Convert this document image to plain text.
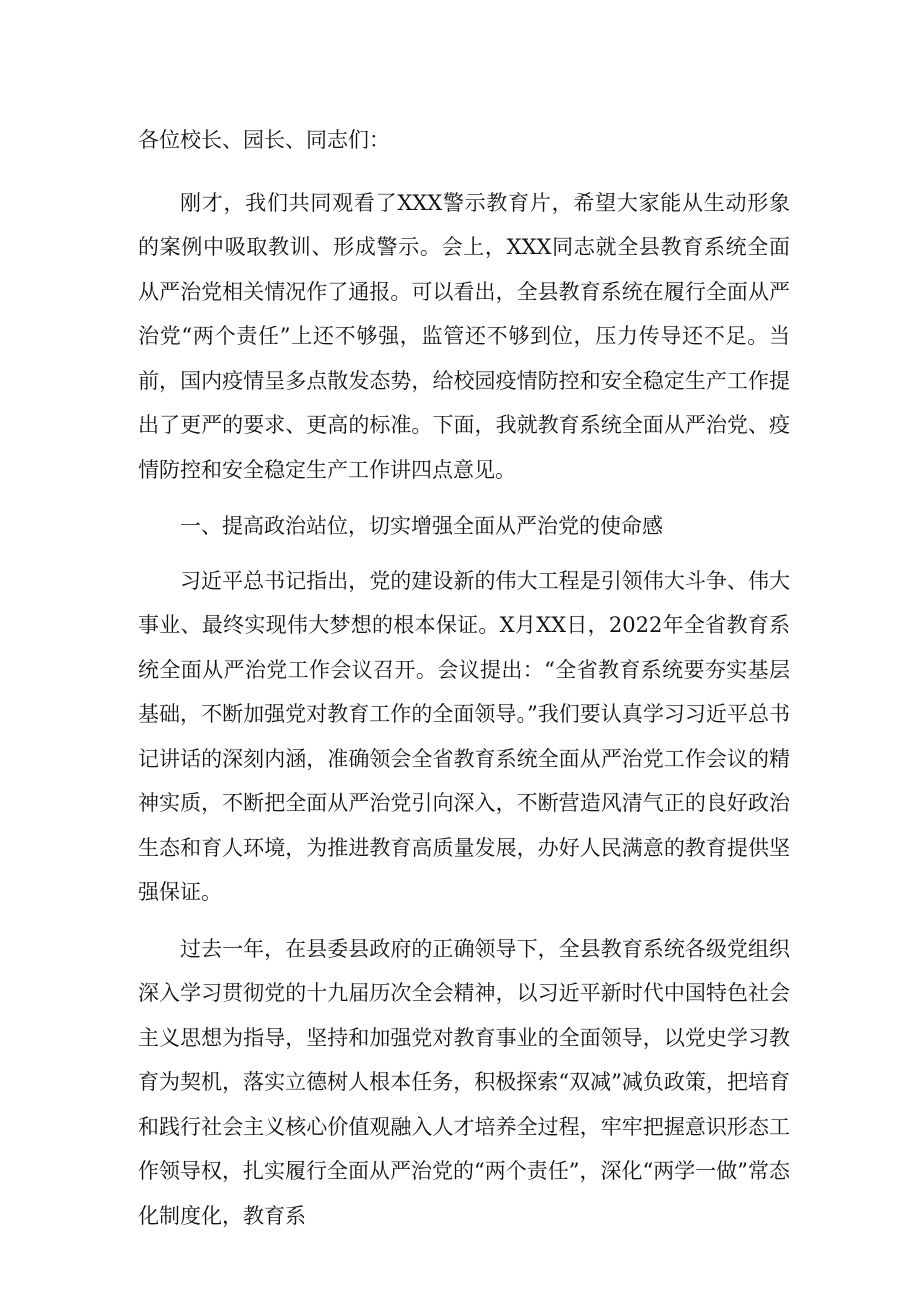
各位校长、园长、同志们：

刚才，我们共同观看了XXX警示教育片，希望大家能从生动形象的案例中吸取教训、形成警示。会上，XXX同志就全县教育系统全面从严治党相关情况作了通报。可以看出，全县教育系统在履行全面从严治党“两个责任”上还不够强，监管还不够到位，压力传导还不足。当前，国内疫情呈多点散发态势，给校园疫情防控和安全稳定生产工作提出了更严的要求、更高的标准。下面，我就教育系统全面从严治党、疫情防控和安全稳定生产工作讲四点意见。

一、提高政治站位，切实增强全面从严治党的使命感

习近平总书记指出，党的建设新的伟大工程是引领伟大斗争、伟大事业、最终实现伟大梦想的根本保证。X月XX日，2022年全省教育系统全面从严治党工作会议召开。会议提出：“全省教育系统要夯实基层基础，不断加强党对教育工作的全面领导。”我们要认真学习习近平总书记讲话的深刻内涵，准确领会全省教育系统全面从严治党工作会议的精神实质，不断把全面从严治党引向深入，不断营造风清气正的良好政治生态和育人环境，为推进教育高质量发展，办好人民满意的教育提供坚强保证。

过去一年，在县委县政府的正确领导下，全县教育系统各级党组织深入学习贯彻党的十九届历次全会精神，以习近平新时代中国特色社会主义思想为指导，坚持和加强党对教育事业的全面领导，以党史学习教育为契机，落实立德树人根本任务，积极探索“双减”减负政策，把培育和践行社会主义核心价值观融入人才培养全过程，牢牢把握意识形态工作领导权，扎实履行全面从严治党的“两个责任”，深化“两学一做”常态化制度化，教育系
